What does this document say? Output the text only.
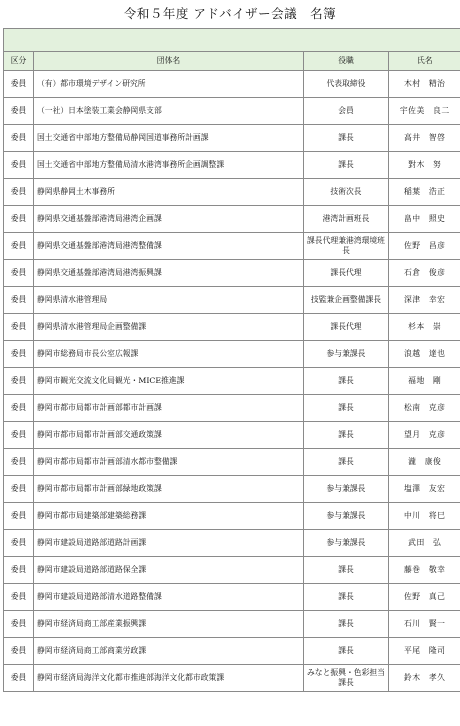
令和５年度 アドバイザー会議　名簿
区分	団体名	役職	氏名
委員	（有）都市環境デザイン研究所	代表取締役	木村　精治
委員	（一社）日本塗装工業会静岡県支部	会員	宇佐美　良二
委員	国土交通省中部地方整備局静岡国道事務所計画課	課長	高井　智啓
委員	国土交通省中部地方整備局清水港湾事務所企画調整課	課長	對木　努
委員	静岡県静岡土木事務所	技術次長	稲葉　浩正
委員	静岡県交通基盤部港湾局港湾企画課	港湾計画班長	畠中　照史
委員	静岡県交通基盤部港湾局港湾整備課	課長代理兼港湾環境班長	佐野　昌彦
委員	静岡県交通基盤部港湾局港湾振興課	課長代理	石倉　俊彦
委員	静岡県清水港管理局	技監兼企画整備課長	深津　幸宏
委員	静岡県清水港管理局企画整備課	課長代理	杉本　崇
委員	静岡市総務局市長公室広報課	参与兼課長	浪越　達也
委員	静岡市観光交流文化局観光・MICE推進課	課長	福地　剛
委員	静岡市都市局都市計画部都市計画課	課長	松南　克彦
委員	静岡市都市局都市計画部交通政策課	課長	望月　克彦
委員	静岡市都市局都市計画部清水都市整備課	課長	瀧　康俊
委員	静岡市都市局都市計画部緑地政策課	参与兼課長	塩澤　友宏
委員	静岡市都市局建築部建築総務課	参与兼課長	中川　将巳
委員	静岡市建設局道路部道路計画課	参与兼課長	武田　弘
委員	静岡市建設局道路部道路保全課	課長	藤巻　敬幸
委員	静岡市建設局道路部清水道路整備課	課長	佐野　真己
委員	静岡市経済局商工部産業振興課	課長	石川　賢一
委員	静岡市経済局商工部商業労政課	課長	平尾　隆司
委員	静岡市経済局海洋文化都市推進部海洋文化都市政策課	みなと振興・色彩担当課長	鈴木　孝久
